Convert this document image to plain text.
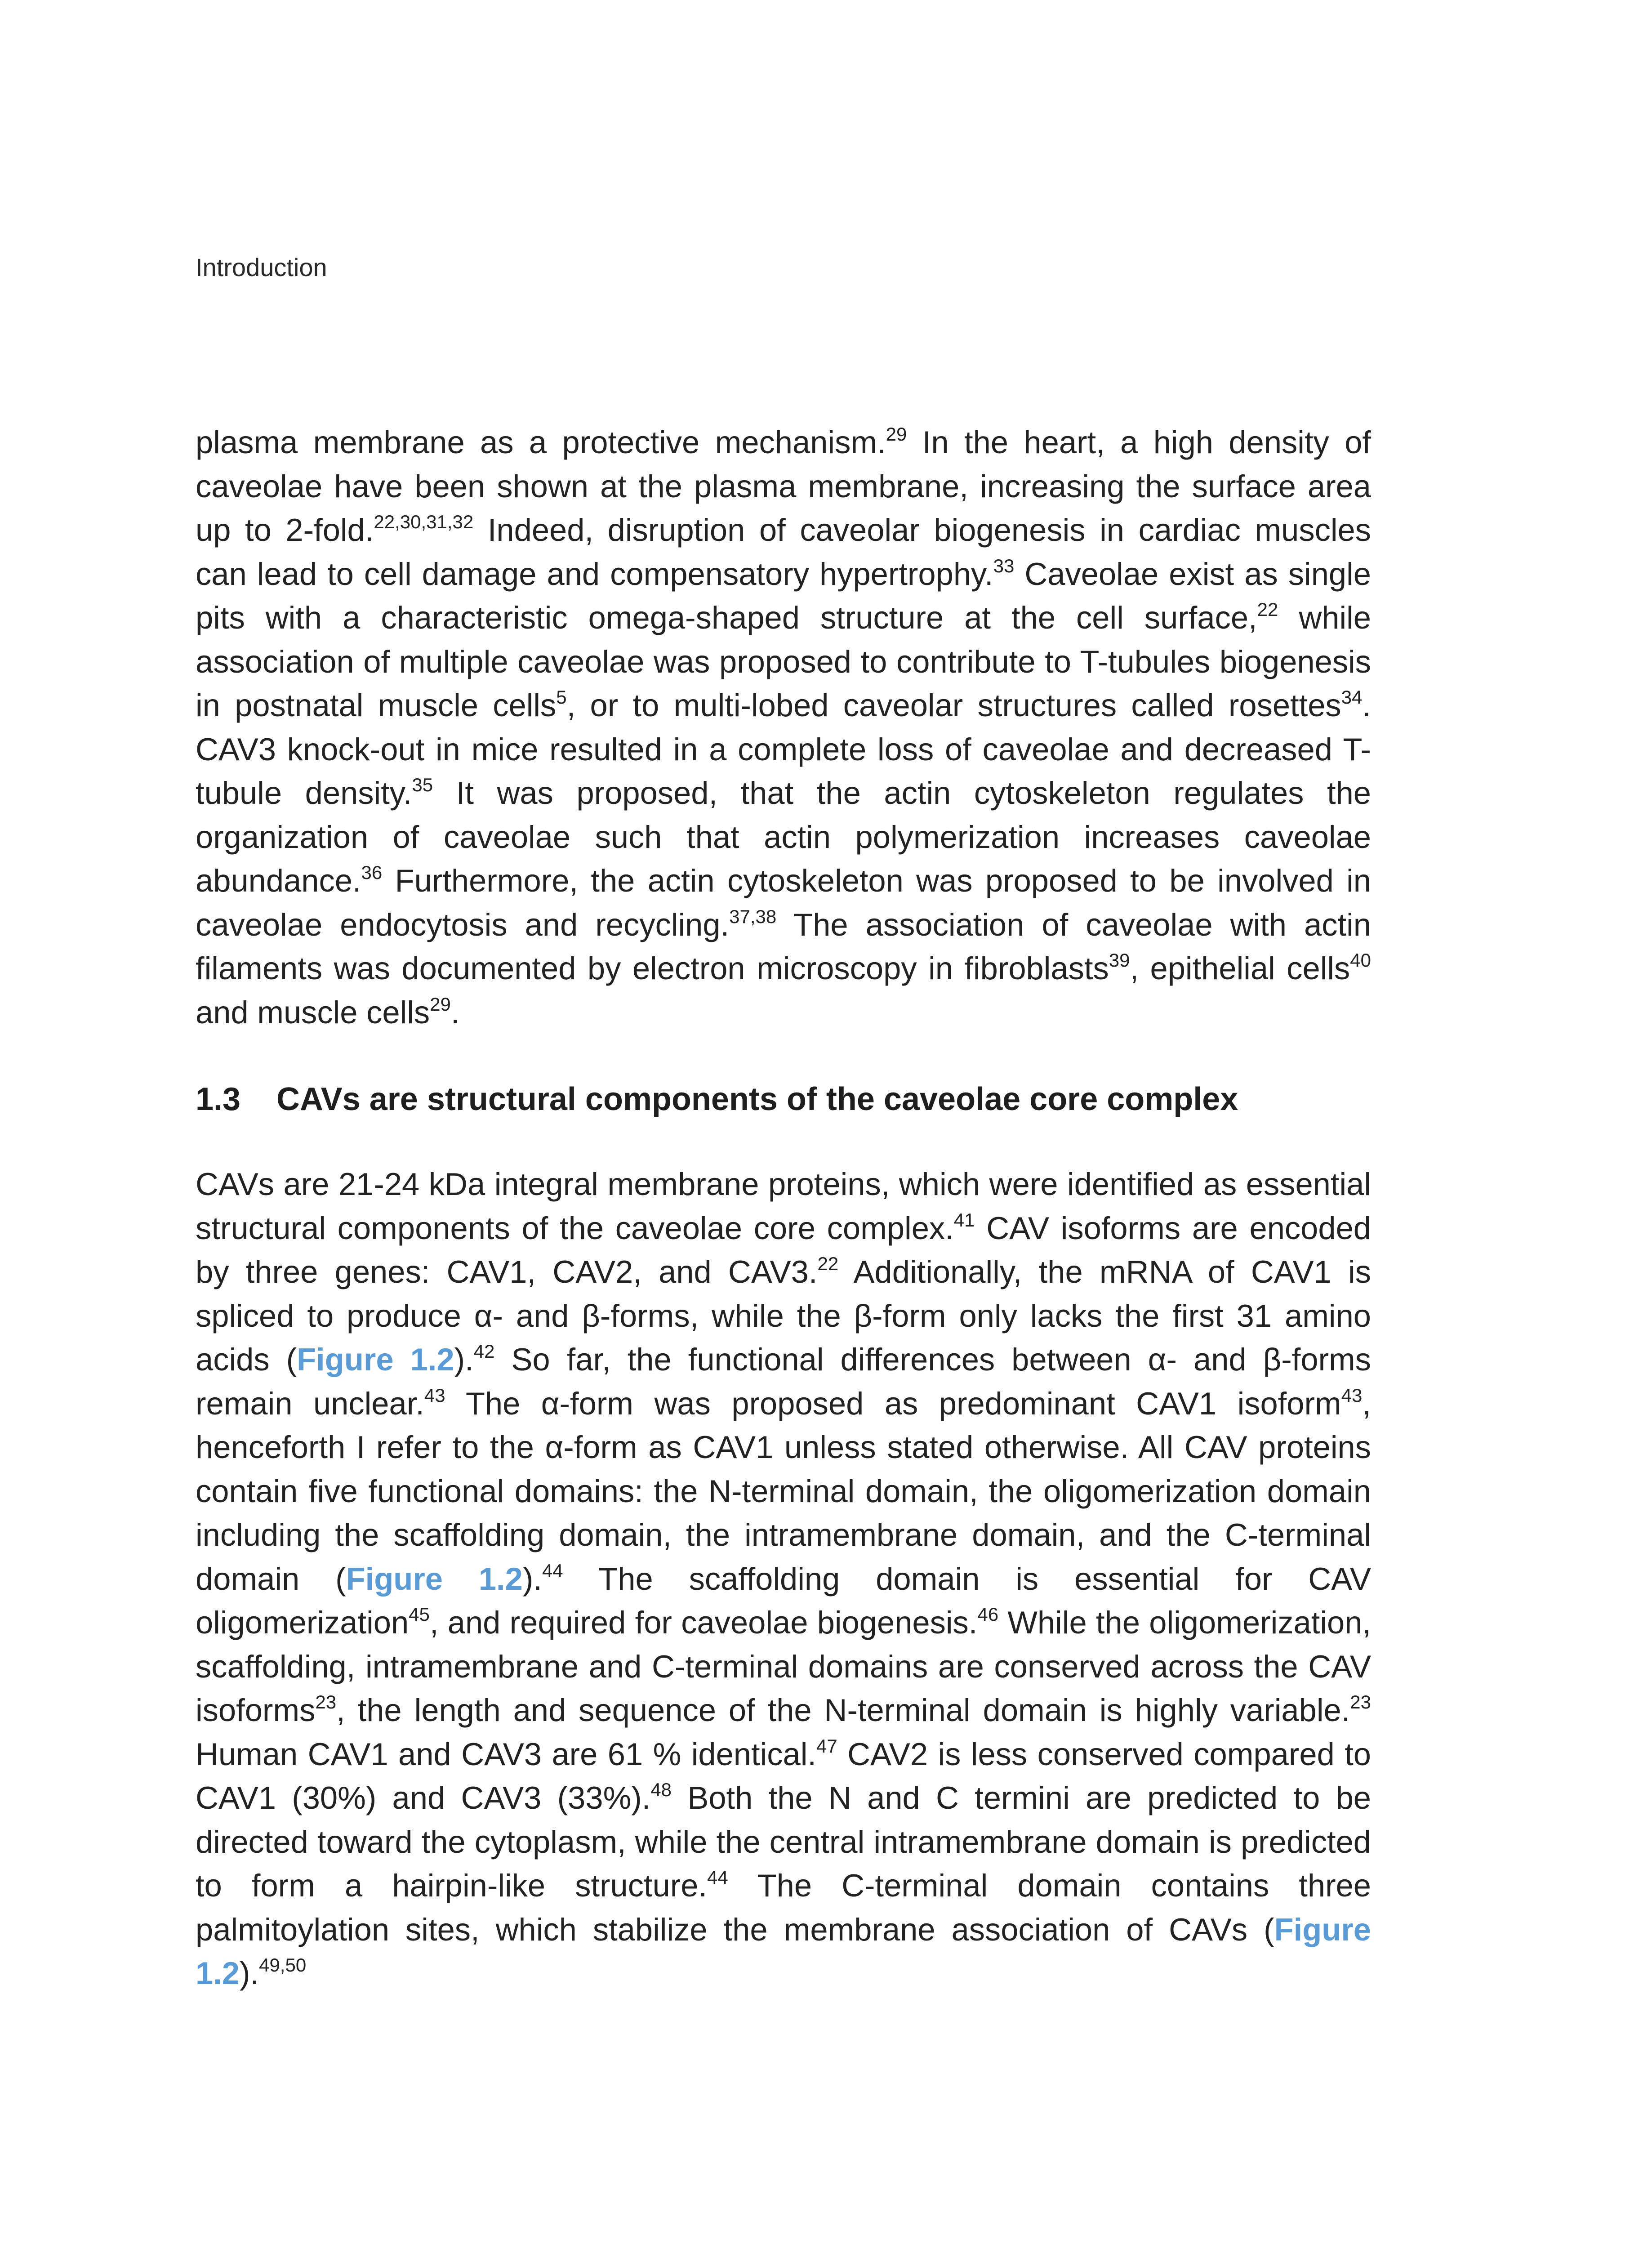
Introduction

plasma membrane as a protective mechanism.$^{29}$ In the heart, a high density of caveolae have been shown at the plasma membrane, increasing the surface area up to 2-fold.$^{22,30,31,32}$ Indeed, disruption of caveolar biogenesis in cardiac muscles can lead to cell damage and compensatory hypertrophy.$^{33}$ Caveolae exist as single pits with a characteristic omega-shaped structure at the cell surface,$^{22}$ while association of multiple caveolae was proposed to contribute to T-tubules biogenesis in postnatal muscle cells$^5$, or to multi-lobed caveolar structures called rosettes$^{34}$. CAV3 knock-out in mice resulted in a complete loss of caveolae and decreased T-tubule density.$^{35}$ It was proposed, that the actin cytoskeleton regulates the organization of caveolae such that actin polymerization increases caveolae abundance.$^{36}$ Furthermore, the actin cytoskeleton was proposed to be involved in caveolae endocytosis and recycling.$^{37,38}$ The association of caveolae with actin filaments was documented by electron microscopy in fibroblasts$^{39}$, epithelial cells$^{40}$ and muscle cells$^{29}$.

1.3 CAVs are structural components of the caveolae core complex

CAVs are 21-24 kDa integral membrane proteins, which were identified as essential structural components of the caveolae core complex.$^{41}$ CAV isoforms are encoded by three genes: CAV1, CAV2, and CAV3.22 Additionally, the mRNA of CAV1 is spliced to produce α- and β-forms, while the β-form only lacks the first 31 amino acids (Figure 1.2).$^{42}$ So far, the functional differences between α- and β-forms remain unclear.$^{43}$ The α-form was proposed as predominant CAV1 isoform$^{43}$, henceforth I refer to the α-form as CAV1 unless stated otherwise. All CAV proteins contain five functional domains: the N-terminal domain, the oligomerization domain including the scaffolding domain, the intramembrane domain, and the C-terminal domain (Figure 1.2).$^{44}$ The scaffolding domain is essential for CAV oligomerization$^{45}$, and required for caveolae biogenesis.$^{46}$ While the oligomerization, scaffolding, intramembrane and C-terminal domains are conserved across the CAV isoforms$^{23}$, the length and sequence of the N-terminal domain is highly variable.$^{23}$ Human CAV1 and CAV3 are 61 % identical.$^{47}$ CAV2 is less conserved compared to CAV1 (30%) and CAV3 (33%).$^{48}$ Both the N and C termini are predicted to be directed toward the cytoplasm, while the central intramembrane domain is predicted to form a hairpin-like structure.$^{44}$ The C-terminal domain contains three palmitoylation sites, which stabilize the membrane association of CAVs (Figure 1.2).$^{49,50}$
